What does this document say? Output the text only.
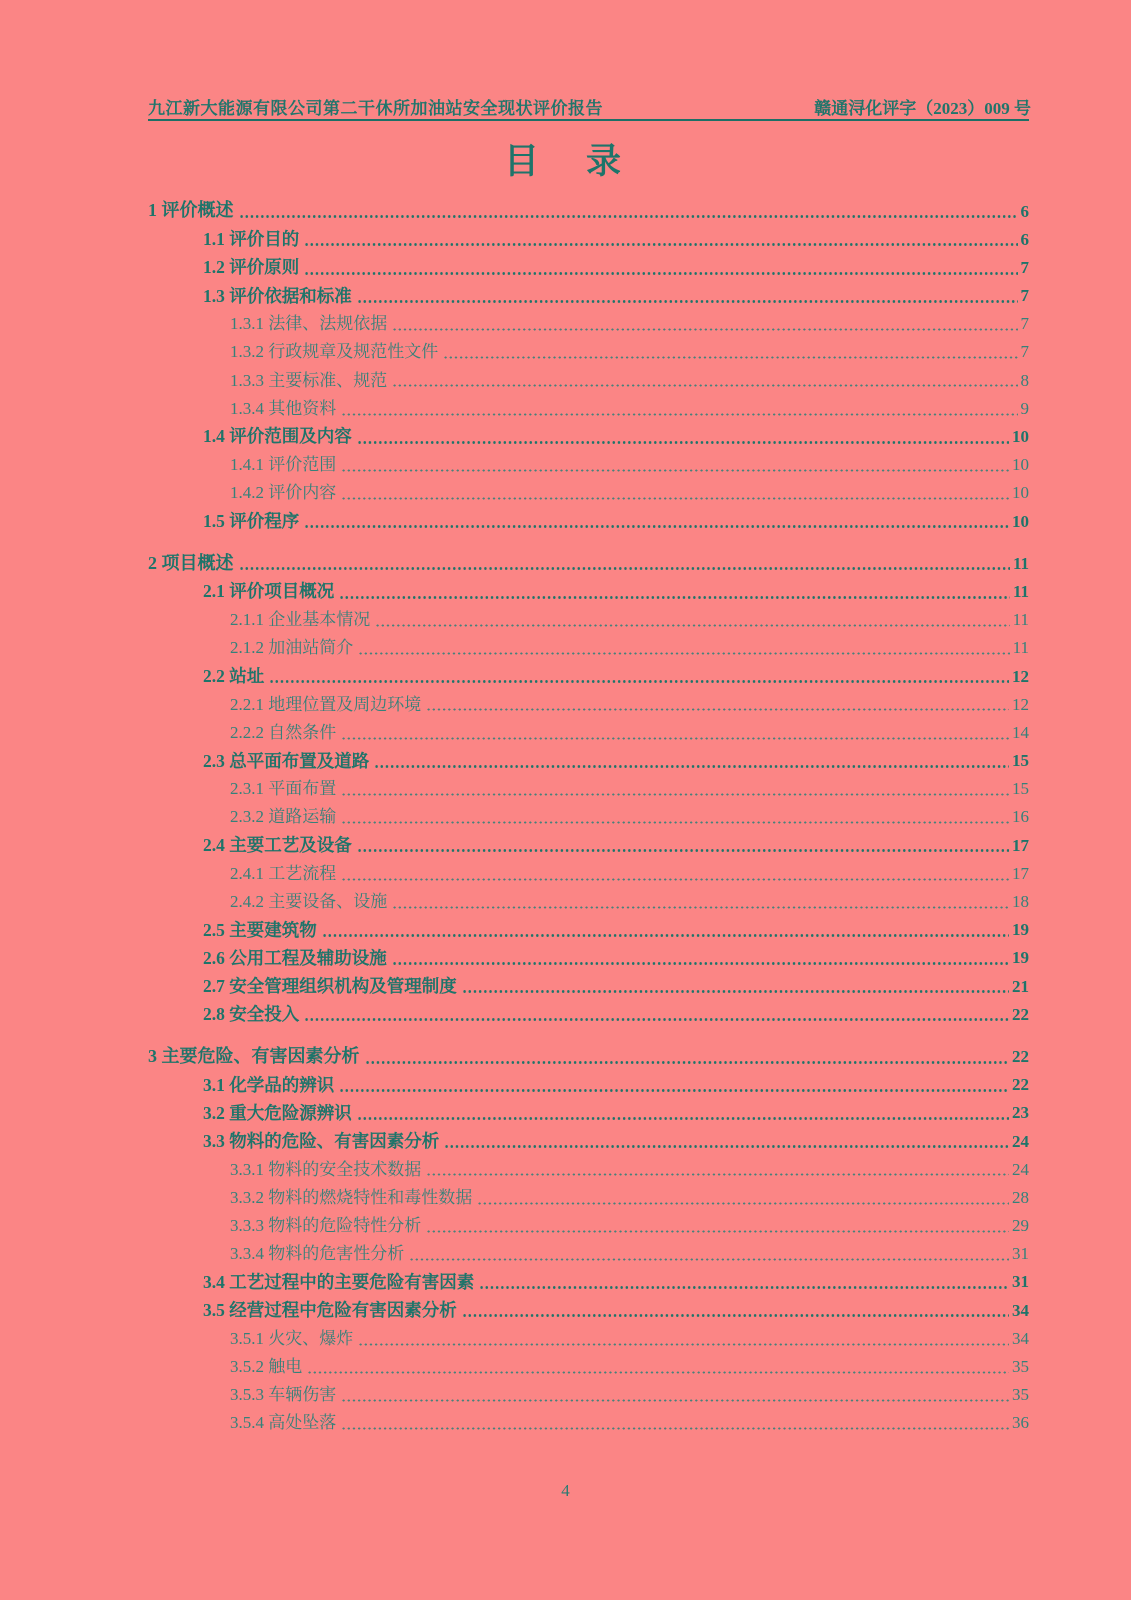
九江新大能源有限公司第二干休所加油站安全现状评价报告	赣通浔化评字（2023）009 号
目　录
1 评价概述	6
1.1 评价目的	6
1.2 评价原则	7
1.3 评价依据和标准	7
1.3.1 法律、法规依据	7
1.3.2 行政规章及规范性文件	7
1.3.3 主要标准、规范	8
1.3.4 其他资料	9
1.4 评价范围及内容	10
1.4.1 评价范围	10
1.4.2 评价内容	10
1.5 评价程序	10
2 项目概述	11
2.1 评价项目概况	11
2.1.1 企业基本情况	11
2.1.2 加油站简介	11
2.2 站址	12
2.2.1 地理位置及周边环境	12
2.2.2 自然条件	14
2.3 总平面布置及道路	15
2.3.1 平面布置	15
2.3.2 道路运输	16
2.4 主要工艺及设备	17
2.4.1 工艺流程	17
2.4.2 主要设备、设施	18
2.5 主要建筑物	19
2.6 公用工程及辅助设施	19
2.7 安全管理组织机构及管理制度	21
2.8 安全投入	22
3 主要危险、有害因素分析	22
3.1 化学品的辨识	22
3.2 重大危险源辨识	23
3.3 物料的危险、有害因素分析	24
3.3.1 物料的安全技术数据	24
3.3.2 物料的燃烧特性和毒性数据	28
3.3.3 物料的危险特性分析	29
3.3.4 物料的危害性分析	31
3.4 工艺过程中的主要危险有害因素	31
3.5 经营过程中危险有害因素分析	34
3.5.1 火灾、爆炸	34
3.5.2 触电	35
3.5.3 车辆伤害	35
3.5.4 高处坠落	36
4
